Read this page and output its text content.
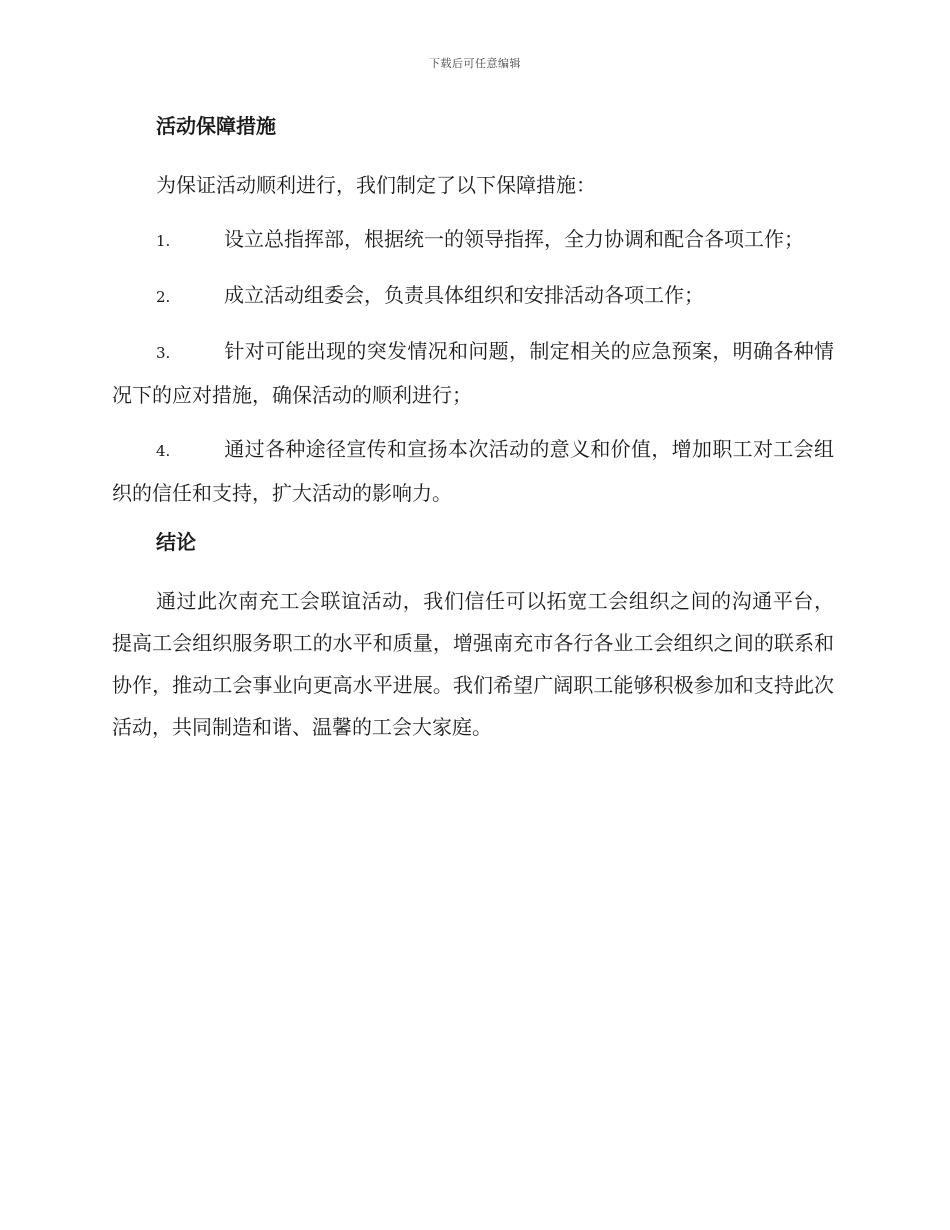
下载后可任意编辑
活动保障措施

为保证活动顺利进行，我们制定了以下保障措施：

1.	设立总指挥部，根据统一的领导指挥，全力协调和配合各项工作；

2.	成立活动组委会，负责具体组织和安排活动各项工作；

3.	针对可能出现的突发情况和问题，制定相关的应急预案，明确各种情况下的应对措施，确保活动的顺利进行；

4.	通过各种途径宣传和宣扬本次活动的意义和价值，增加职工对工会组织的信任和支持，扩大活动的影响力。

结论

通过此次南充工会联谊活动，我们信任可以拓宽工会组织之间的沟通平台，提高工会组织服务职工的水平和质量，增强南充市各行各业工会组织之间的联系和协作，推动工会事业向更高水平进展。我们希望广阔职工能够积极参加和支持此次活动，共同制造和谐、温馨的工会大家庭。
